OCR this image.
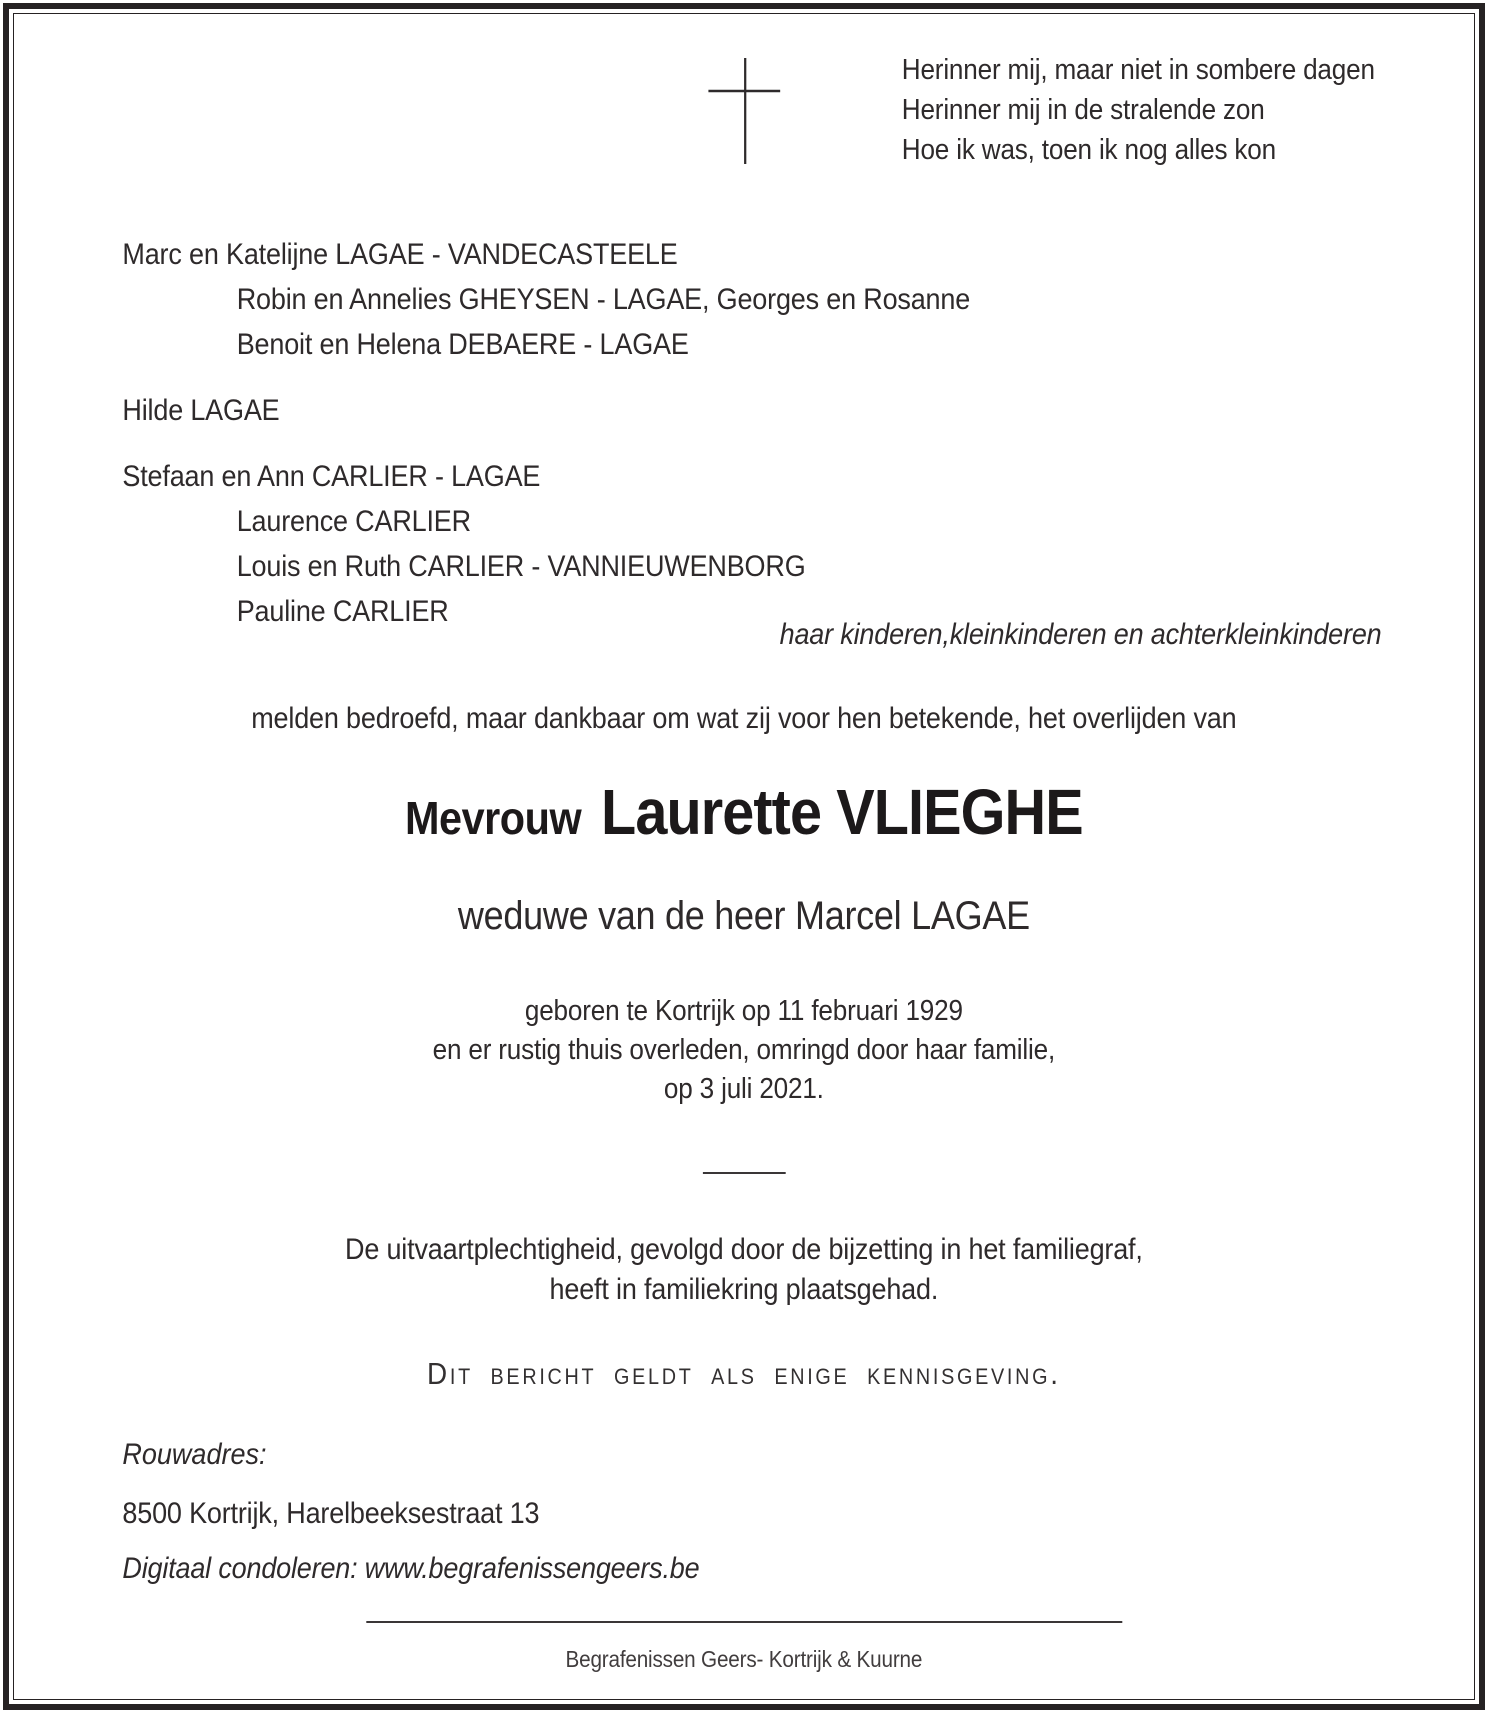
Herinner mij, maar niet in sombere dagen
Herinner mij in de stralende zon
Hoe ik was, toen ik nog alles kon
Marc en Katelijne LAGAE - VANDECASTEELE
Robin en Annelies GHEYSEN - LAGAE, Georges en Rosanne
Benoit en Helena DEBAERE - LAGAE
Hilde LAGAE
Stefaan en Ann CARLIER - LAGAE
Laurence CARLIER
Louis en Ruth CARLIER - VANNIEUWENBORG
Pauline CARLIER
haar kinderen,kleinkinderen en achterkleinkinderen
melden bedroefd, maar dankbaar om wat zij voor hen betekende, het overlijden van
Mevrouw Laurette VLIEGHE
weduwe van de heer Marcel LAGAE
geboren te Kortrijk op 11 februari 1929
en er rustig thuis overleden, omringd door haar familie,
op 3 juli 2021.
De uitvaartplechtigheid, gevolgd door de bijzetting in het familiegraf,
heeft in familiekring plaatsgehad.
Dit bericht geldt als enige kennisgeving.
Rouwadres:
8500 Kortrijk, Harelbeeksestraat 13
Digitaal condoleren: www.begrafenissengeers.be
Begrafenissen Geers- Kortrijk & Kuurne
